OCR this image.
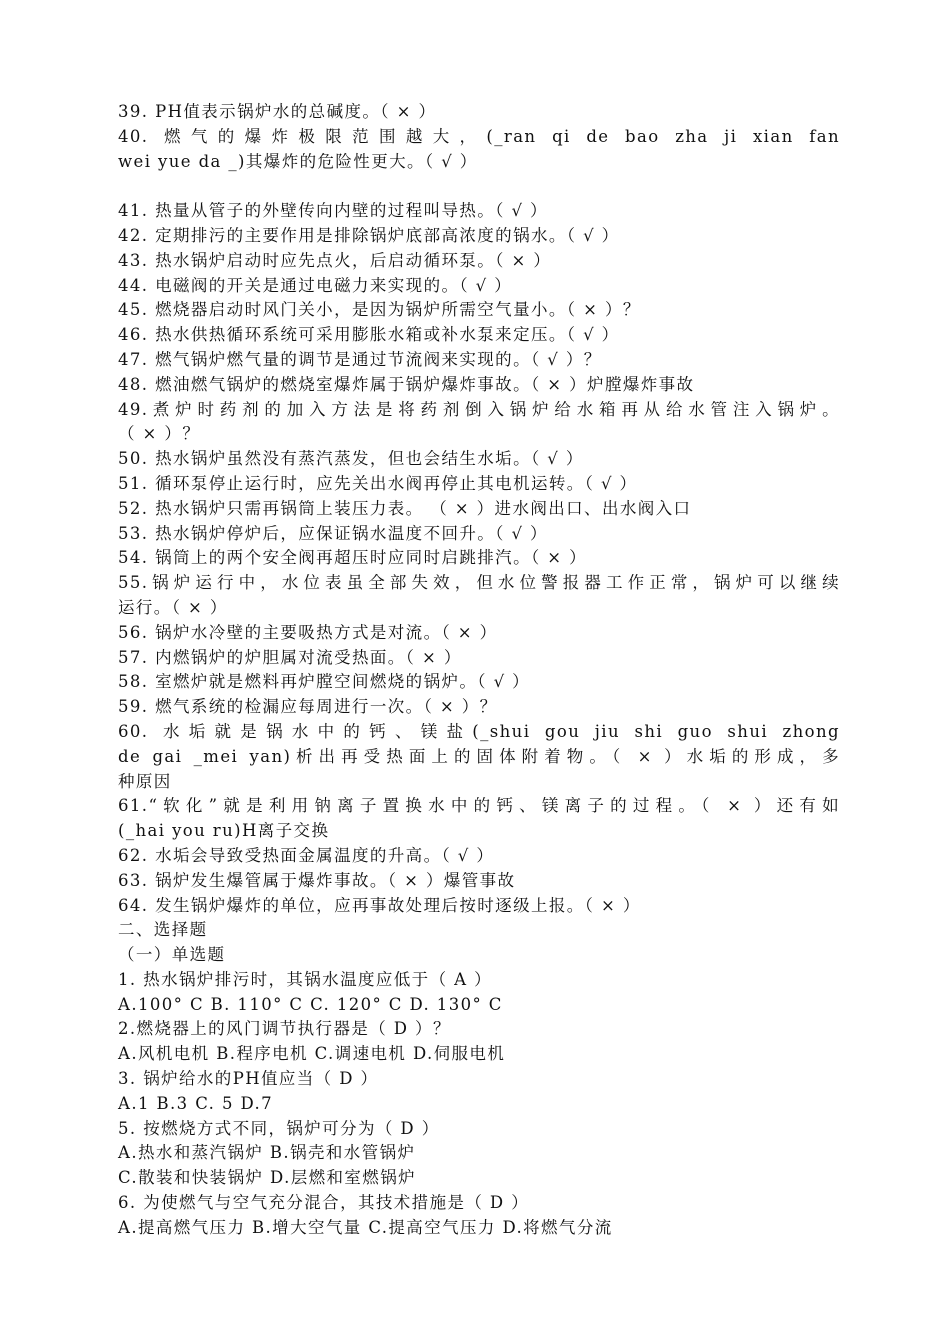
39. PH值表示锅炉水的总碱度。（ × ）
40. 燃气的爆炸极限范围越大，(_ran qi de bao zha ji xian fan
wei yue da _)其爆炸的危险性更大。（ √ ）
41. 热量从管子的外壁传向内壁的过程叫导热。（ √ ）
42. 定期排污的主要作用是排除锅炉底部高浓度的锅水。（ √ ）
43. 热水锅炉启动时应先点火，后启动循环泵。（ × ）
44. 电磁阀的开关是通过电磁力来实现的。（ √ ）
45. 燃烧器启动时风门关小，是因为锅炉所需空气量小。（ × ）？
46. 热水供热循环系统可采用膨胀水箱或补水泵来定压。（ √ ）
47. 燃气锅炉燃气量的调节是通过节流阀来实现的。（ √ ）？
48. 燃油燃气锅炉的燃烧室爆炸属于锅炉爆炸事故。（ × ）炉膛爆炸事故
49.煮炉时药剂的加入方法是将药剂倒入锅炉给水箱再从给水管注入锅炉。
（ × ）？
50. 热水锅炉虽然没有蒸汽蒸发，但也会结生水垢。（ √ ）
51. 循环泵停止运行时，应先关出水阀再停止其电机运转。（ √ ）
52. 热水锅炉只需再锅筒上装压力表。 （ × ）进水阀出口、出水阀入口
53. 热水锅炉停炉后，应保证锅水温度不回升。（ √ ）
54. 锅筒上的两个安全阀再超压时应同时启跳排汽。（ × ）
55.锅炉运行中，水位表虽全部失效，但水位警报器工作正常，锅炉可以继续
运行。（ × ）
56. 锅炉水冷壁的主要吸热方式是对流。（ × ）
57. 内燃锅炉的炉胆属对流受热面。（ × ）
58. 室燃炉就是燃料再炉膛空间燃烧的锅炉。（ √ ）
59. 燃气系统的检漏应每周进行一次。（ × ）？
60. 水垢就是锅水中的钙、镁盐(_shui gou jiu shi guo shui zhong
de gai _mei yan)析出再受热面上的固体附着物。（ × ）水垢的形成，多
种原因
61.“软化”就是利用钠离子置换水中的钙、镁离子的过程。（ × ）还有如
(_hai you ru)H离子交换
62. 水垢会导致受热面金属温度的升高。（ √ ）
63. 锅炉发生爆管属于爆炸事故。（ × ）爆管事故
64. 发生锅炉爆炸的单位，应再事故处理后按时逐级上报。（ × ）
二、选择题
（一）单选题
1. 热水锅炉排污时，其锅水温度应低于（ A ）
A.100° C B. 110° C C. 120° C D. 130° C
2.燃烧器上的风门调节执行器是（ D ）？
A.风机电机 B.程序电机 C.调速电机 D.伺服电机
3. 锅炉给水的PH值应当（ D ）
A.1 B.3 C. 5 D.7
5. 按燃烧方式不同，锅炉可分为（ D ）
A.热水和蒸汽锅炉 B.锅壳和水管锅炉
C.散装和快装锅炉 D.层燃和室燃锅炉
6. 为使燃气与空气充分混合，其技术措施是（ D ）
A.提高燃气压力 B.增大空气量 C.提高空气压力 D.将燃气分流
